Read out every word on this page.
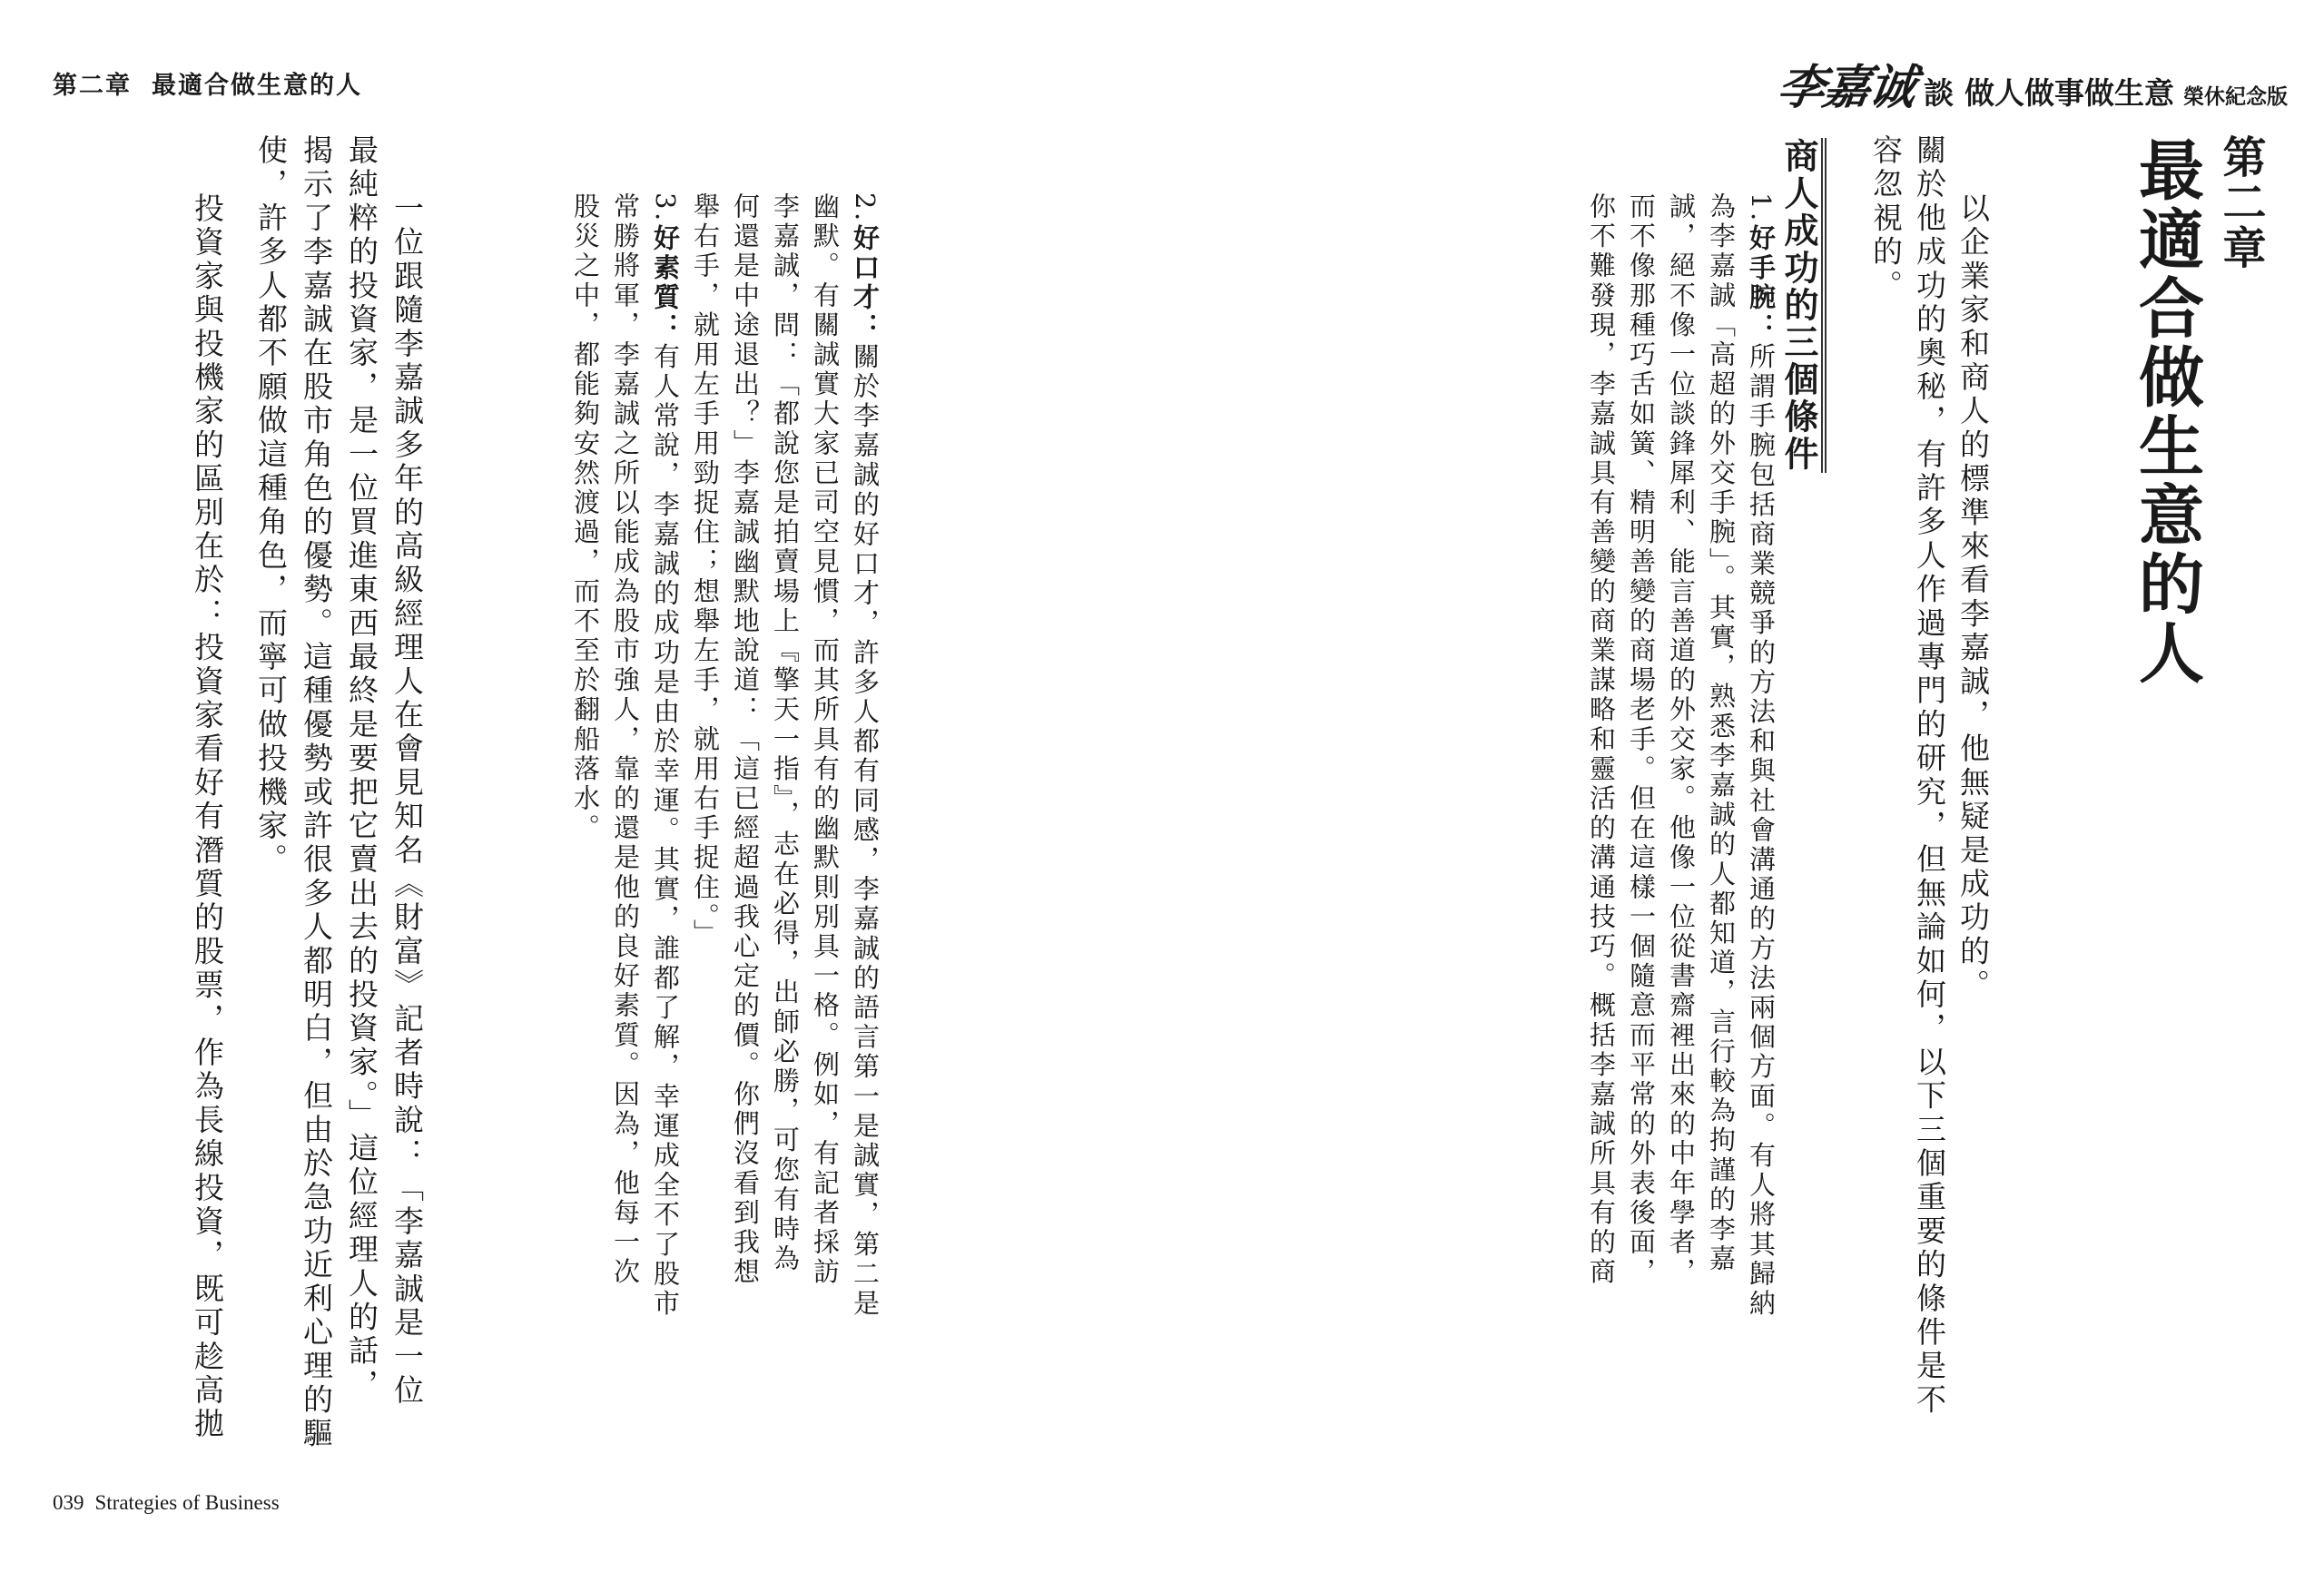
第二章 最適合做生意的人	李嘉诚 談 做人做事做生意 榮休紀念版
039 Strategies of Business
第二章
最適合做生意的人
以企業家和商人的標準來看李嘉誠，他無疑是成功的。
關於他成功的奧秘，有許多人作過專門的研究，但無論如何，以下三個重要的條件是不
容忽視的。
商人成功的三個條件
1.好手腕：所謂手腕包括商業競爭的方法和與社會溝通的方法兩個方面。有人將其歸納
為李嘉誠「高超的外交手腕」。其實，熟悉李嘉誠的人都知道，言行較為拘謹的李嘉
誠，絕不像一位談鋒犀利、能言善道的外交家。他像一位從書齋裡出來的中年學者，
而不像那種巧舌如簧、精明善變的商場老手。但在這樣一個隨意而平常的外表後面，
你不難發現，李嘉誠具有善變的商業謀略和靈活的溝通技巧。概括李嘉誠所具有的商
2.好口才：關於李嘉誠的好口才，許多人都有同感，李嘉誠的語言第一是誠實，第二是
幽默。有關誠實大家已司空見慣，而其所具有的幽默則別具一格。例如，有記者採訪
李嘉誠，問：「都說您是拍賣場上『擎天一指』，志在必得，出師必勝，可您有時為
何還是中途退出？」李嘉誠幽默地說道：「這已經超過我心定的價。你們沒看到我想
舉右手，就用左手用勁捉住；想舉左手，就用右手捉住。」
3.好素質：有人常說，李嘉誠的成功是由於幸運。其實，誰都了解，幸運成全不了股市
常勝將軍，李嘉誠之所以能成為股市強人，靠的還是他的良好素質。因為，他每一次
股災之中，都能夠安然渡過，而不至於翻船落水。
一位跟隨李嘉誠多年的高級經理人在會見知名《財富》記者時說：「李嘉誠是一位
最純粹的投資家，是一位買進東西最終是要把它賣出去的投資家。」這位經理人的話，
揭示了李嘉誠在股市角色的優勢。這種優勢或許很多人都明白，但由於急功近利心理的驅
使，許多人都不願做這種角色，而寧可做投機家。
投資家與投機家的區別在於：投資家看好有潛質的股票，作為長線投資，既可趁高拋
